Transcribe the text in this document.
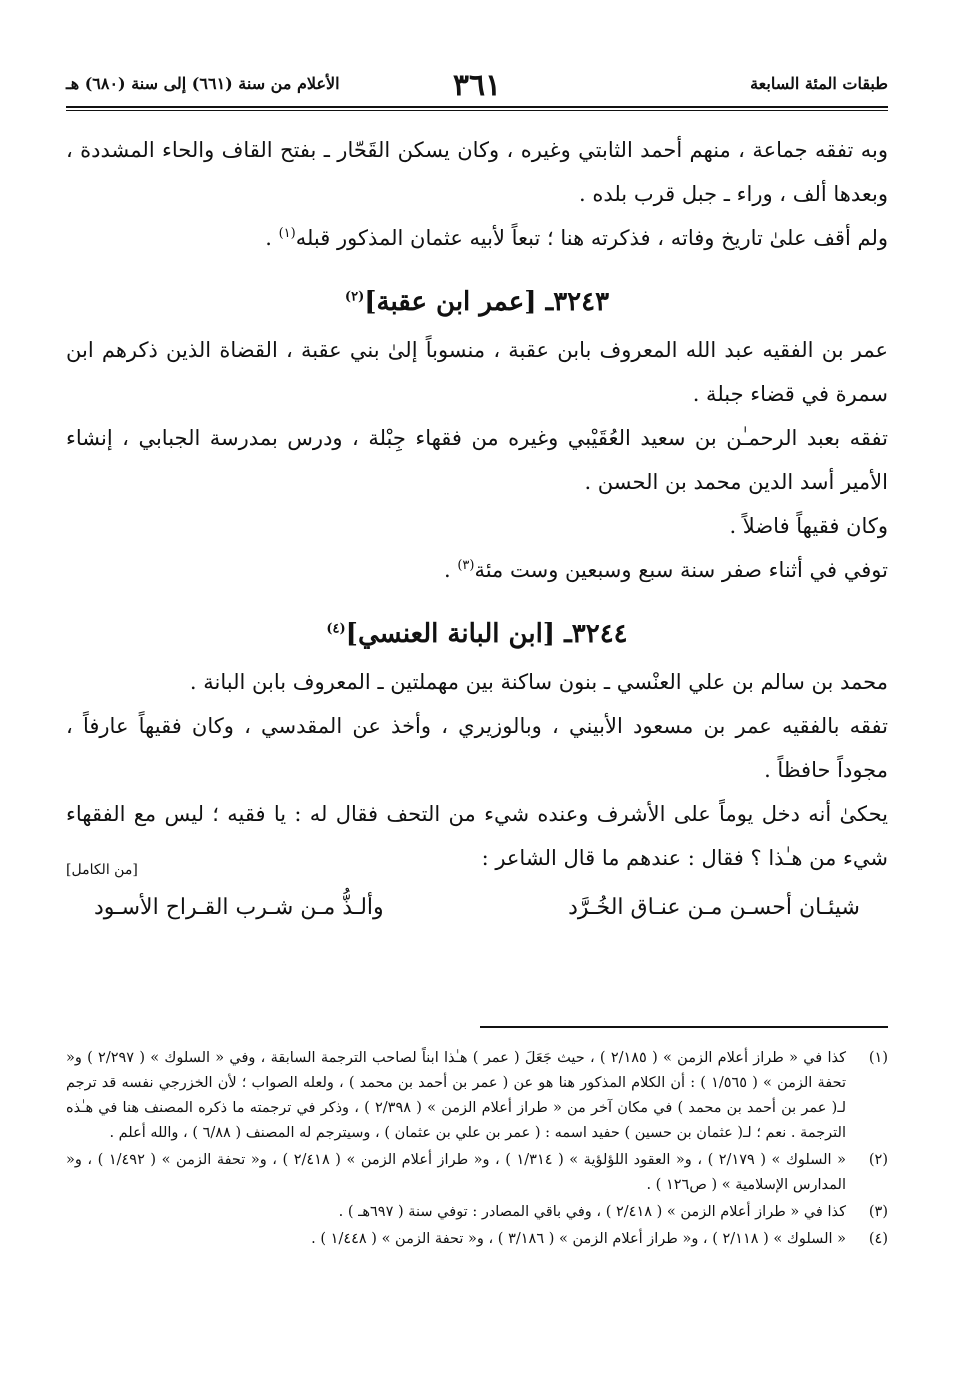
طبقات المئة السابعة
٣٦١
الأعلام من سنة (٦٦١) إلى سنة (٦٨٠) هـ

وبه تفقه جماعة ، منهم أحمد الثابتي وغيره ، وكان يسكن القَحّار ـ بفتح القاف والحاء المشددة ، وبعدها ألف ، وراء ـ جبل قرب بلده .

ولم أقف علىٰ تاريخ وفاته ، فذكرته هنا ؛ تبعاً لأبيه عثمان المذكور قبله$^{(١)}$ .

٣٢٤٣ـ [عمر ابن عقبة]$^{(٢)}$

عمر بن الفقيه عبد الله المعروف بابن عقبة ، منسوباً إلىٰ بني عقبة ، القضاة الذين ذكرهم ابن سمرة في قضاء جبلة .

تفقه بعبد الرحمـٰن بن سعيد العُقَيْبي وغيره من فقهاء جِبْلة ، ودرس بمدرسة الجبابي ، إنشاء الأمير أسد الدين محمد بن الحسن .

وكان فقيهاً فاضلاً .

توفي في أثناء صفر سنة سبع وسبعين وست مئة$^{(٣)}$ .

٣٢٤٤ـ [ابن البانة العنسي]$^{(٤)}$

محمد بن سالم بن علي العنْسي ـ بنون ساكنة بين مهملتين ـ المعروف بابن البانة .

تفقه بالفقيه عمر بن مسعود الأبيني ، وبالوزيري ، وأخذ عن المقدسي ، وكان فقيهاً عارفاً ، مجوداً حافظاً .

يحكىٰ أنه دخل يوماً على الأشرف وعنده شيء من التحف فقال له : يا فقيه ؛ ليس مع الفقهاء شيء من هـٰذا ؟ فقال : عندهم ما قال الشاعر :

[من الكامل]
شيئـان أحسـن مـن عنـاق الخُـرَّد
وألـذُّ مـن شـرب القـراح الأسـود
(١)
كذا في « طراز أعلام الزمن » ( ٢/١٨٥ ) ، حيث جَعَلَ ( عمر ) هـٰذا ابناً لصاحب الترجمة السابقة ، وفي « السلوك » ( ٢/٢٩٧ ) و« تحفة الزمن » ( ١/٥٦٥ ) : أن الكلام المذكور هنا هو عن ( عمر بن أحمد بن محمد ) ، ولعله الصواب ؛ لأن الخزرجي نفسه قد ترجم لـ( عمر بن أحمد بن محمد ) في مكان آخر من « طراز أعلام الزمن » ( ٢/٣٩٨ ) ، وذكر في ترجمته ما ذكره المصنف هنا في هـٰذه الترجمة . نعم ؛ لـ( عثمان بن حسين ) حفيد اسمه : ( عمر بن علي بن عثمان ) ، وسيترجم له المصنف ( ٦/٨٨ ) ، والله أعلم .
(٢)
« السلوك » ( ٢/١٧٩ ) ، و« العقود اللؤلؤية » ( ١/٣١٤ ) ، و« طراز أعلام الزمن » ( ٢/٤١٨ ) ، و« تحفة الزمن » ( ١/٤٩٢ ) ، و« المدارس الإسلامية » ( ص١٢٦ ) .
(٣)
كذا في « طراز أعلام الزمن » ( ٢/٤١٨ ) ، وفي باقي المصادر : توفي سنة ( ٦٩٧هـ ) .
(٤)
« السلوك » ( ٢/١١٨ ) ، و« طراز أعلام الزمن » ( ٣/١٨٦ ) ، و« تحفة الزمن » ( ١/٤٤٨ ) .
